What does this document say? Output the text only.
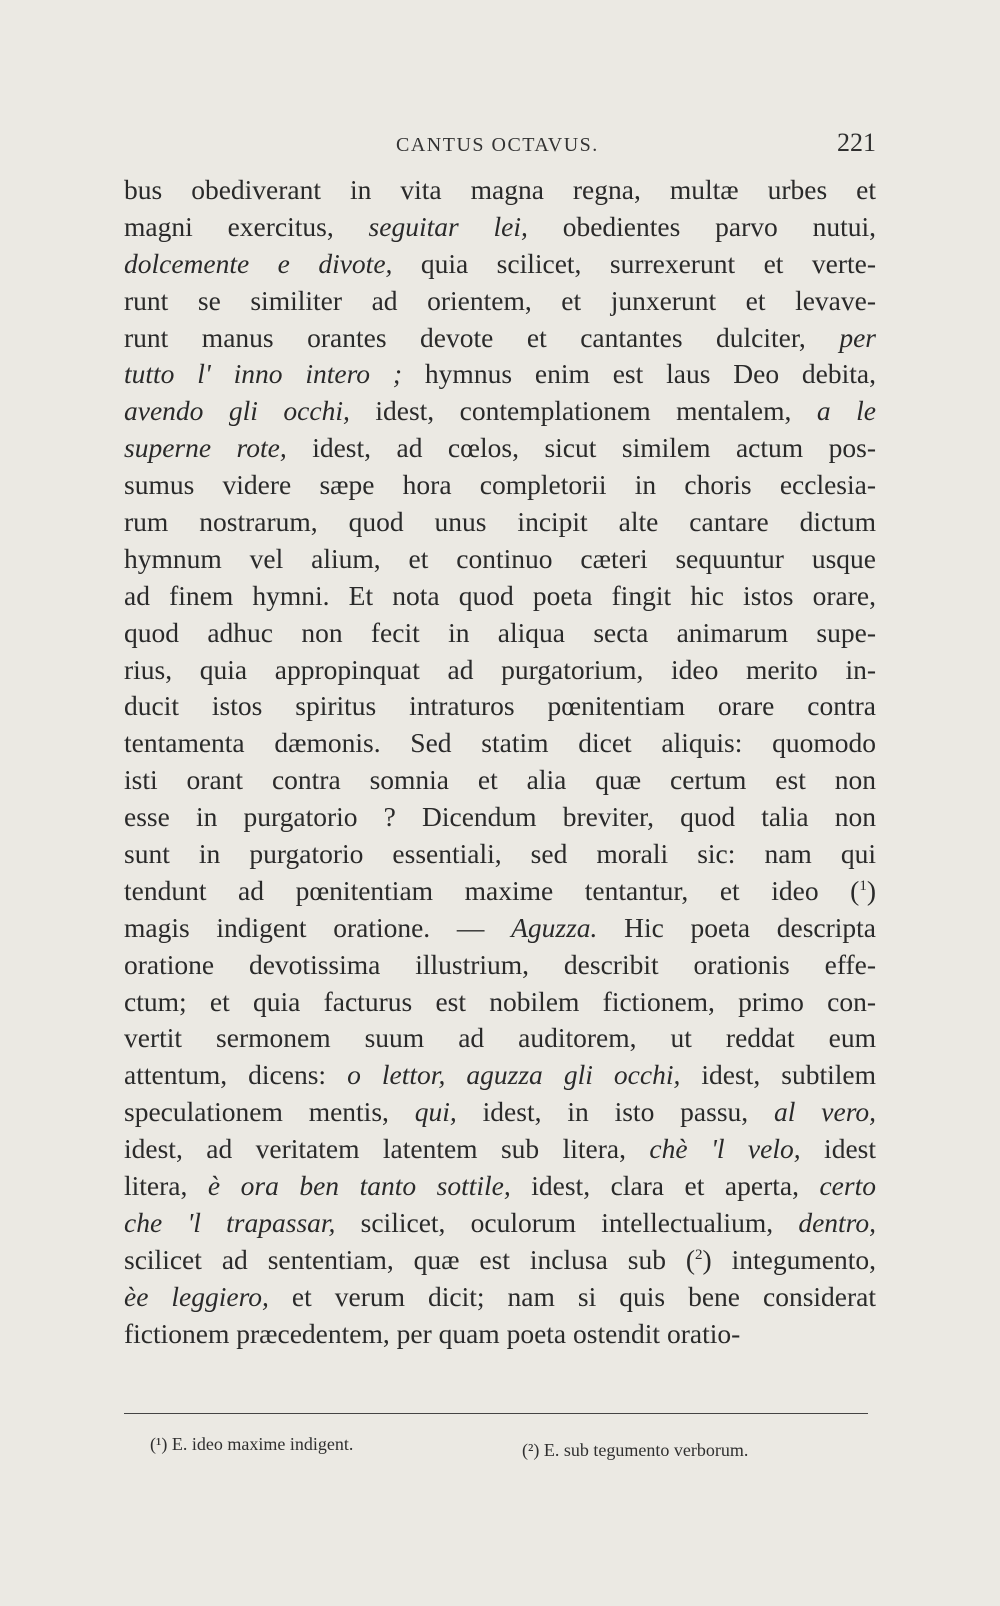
CANTUS OCTAVUS.	221
bus obediverant in vita magna regna, multæ urbes et
magni exercitus, seguitar lei, obedientes parvo nutui,
dolcemente e divote, quia scilicet, surrexerunt et verte-
runt se similiter ad orientem, et junxerunt et levave-
runt manus orantes devote et cantantes dulciter, per
tutto l' inno intero ; hymnus enim est laus Deo debita,
avendo gli occhi, idest, contemplationem mentalem, a le
superne rote, idest, ad cœlos, sicut similem actum pos-
sumus videre sæpe hora completorii in choris ecclesia-
rum nostrarum, quod unus incipit alte cantare dictum
hymnum vel alium, et continuo cæteri sequuntur usque
ad finem hymni. Et nota quod poeta fingit hic istos orare,
quod adhuc non fecit in aliqua secta animarum supe-
rius, quia appropinquat ad purgatorium, ideo merito in-
ducit istos spiritus intraturos pœnitentiam orare contra
tentamenta dæmonis. Sed statim dicet aliquis: quomodo
isti orant contra somnia et alia quæ certum est non
esse in purgatorio ? Dicendum breviter, quod talia non
sunt in purgatorio essentiali, sed morali sic: nam qui
tendunt ad pœnitentiam maxime tentantur, et ideo ($^1$)
magis indigent oratione. — Aguzza. Hic poeta descripta
oratione devotissima illustrium, describit orationis effe-
ctum; et quia facturus est nobilem fictionem, primo con-
vertit sermonem suum ad auditorem, ut reddat eum
attentum, dicens: o lettor, aguzza gli occhi, idest, subtilem
speculationem mentis, qui, idest, in isto passu, al vero,
idest, ad veritatem latentem sub litera, chè 'l velo, idest
litera, è ora ben tanto sottile, idest, clara et aperta, certo
che 'l trapassar, scilicet, oculorum intellectualium, dentro,
scilicet ad sententiam, quæ est inclusa sub ($^2$) integumento,
èe leggiero, et verum dicit; nam si quis bene considerat
fictionem præcedentem, per quam poeta ostendit oratio-
(¹) E. ideo maxime indigent.	(²) E. sub tegumento verborum.
